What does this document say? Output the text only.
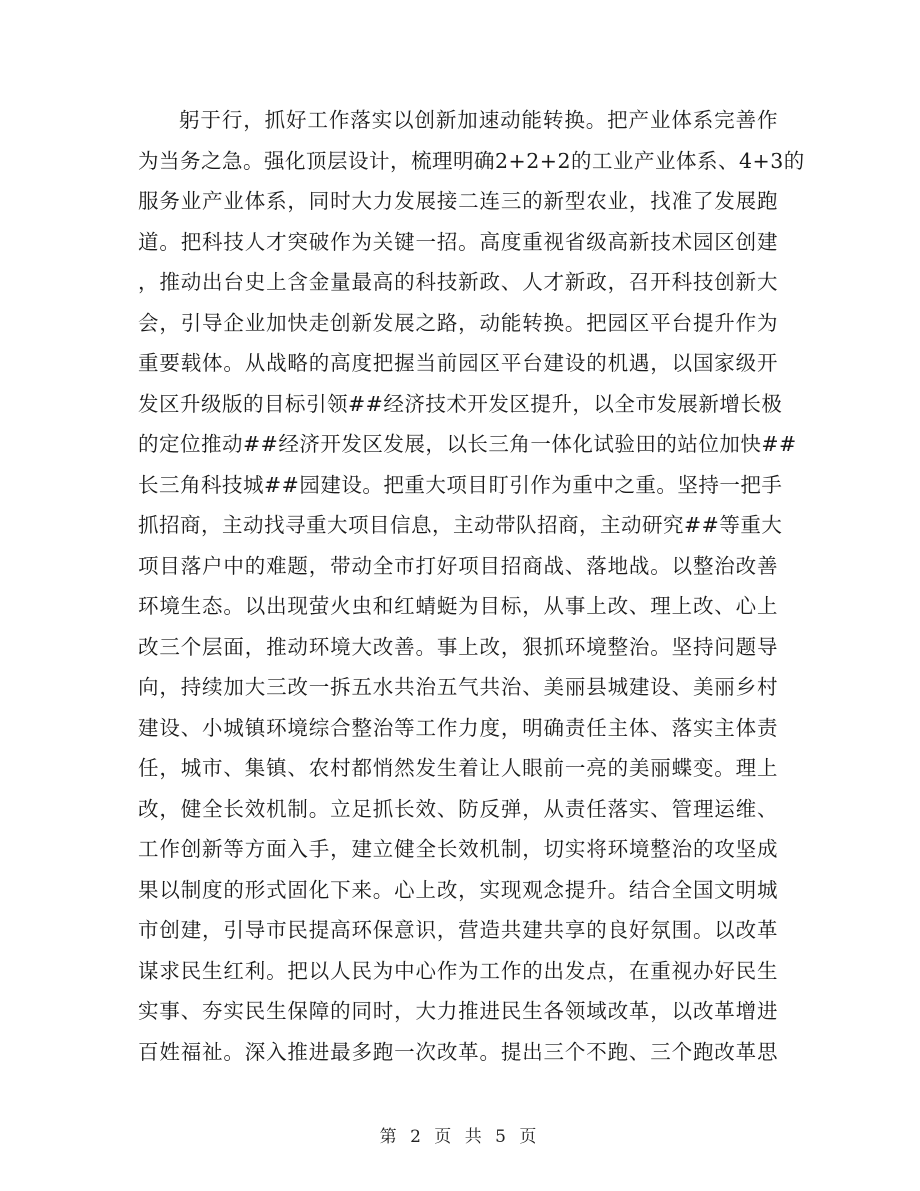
躬于行，抓好工作落实以创新加速动能转换。把产业体系完善作
为当务之急。强化顶层设计，梳理明确2+2+2的工业产业体系、4+3的
服务业产业体系，同时大力发展接二连三的新型农业，找准了发展跑
道。把科技人才突破作为关键一招。高度重视省级高新技术园区创建
，推动出台史上含金量最高的科技新政、人才新政，召开科技创新大
会，引导企业加快走创新发展之路，动能转换。把园区平台提升作为
重要载体。从战略的高度把握当前园区平台建设的机遇，以国家级开
发区升级版的目标引领##经济技术开发区提升，以全市发展新增长极
的定位推动##经济开发区发展，以长三角一体化试验田的站位加快##
长三角科技城##园建设。把重大项目盯引作为重中之重。坚持一把手
抓招商，主动找寻重大项目信息，主动带队招商，主动研究##等重大
项目落户中的难题，带动全市打好项目招商战、落地战。以整治改善
环境生态。以出现萤火虫和红蜻蜓为目标，从事上改、理上改、心上
改三个层面，推动环境大改善。事上改，狠抓环境整治。坚持问题导
向，持续加大三改一拆五水共治五气共治、美丽县城建设、美丽乡村
建设、小城镇环境综合整治等工作力度，明确责任主体、落实主体责
任，城市、集镇、农村都悄然发生着让人眼前一亮的美丽蝶变。理上
改，健全长效机制。立足抓长效、防反弹，从责任落实、管理运维、
工作创新等方面入手，建立健全长效机制，切实将环境整治的攻坚成
果以制度的形式固化下来。心上改，实现观念提升。结合全国文明城
市创建，引导市民提高环保意识，营造共建共享的良好氛围。以改革
谋求民生红利。把以人民为中心作为工作的出发点，在重视办好民生
实事、夯实民生保障的同时，大力推进民生各领域改革，以改革增进
百姓福祉。深入推进最多跑一次改革。提出三个不跑、三个跑改革思
第 2 页 共 5 页
